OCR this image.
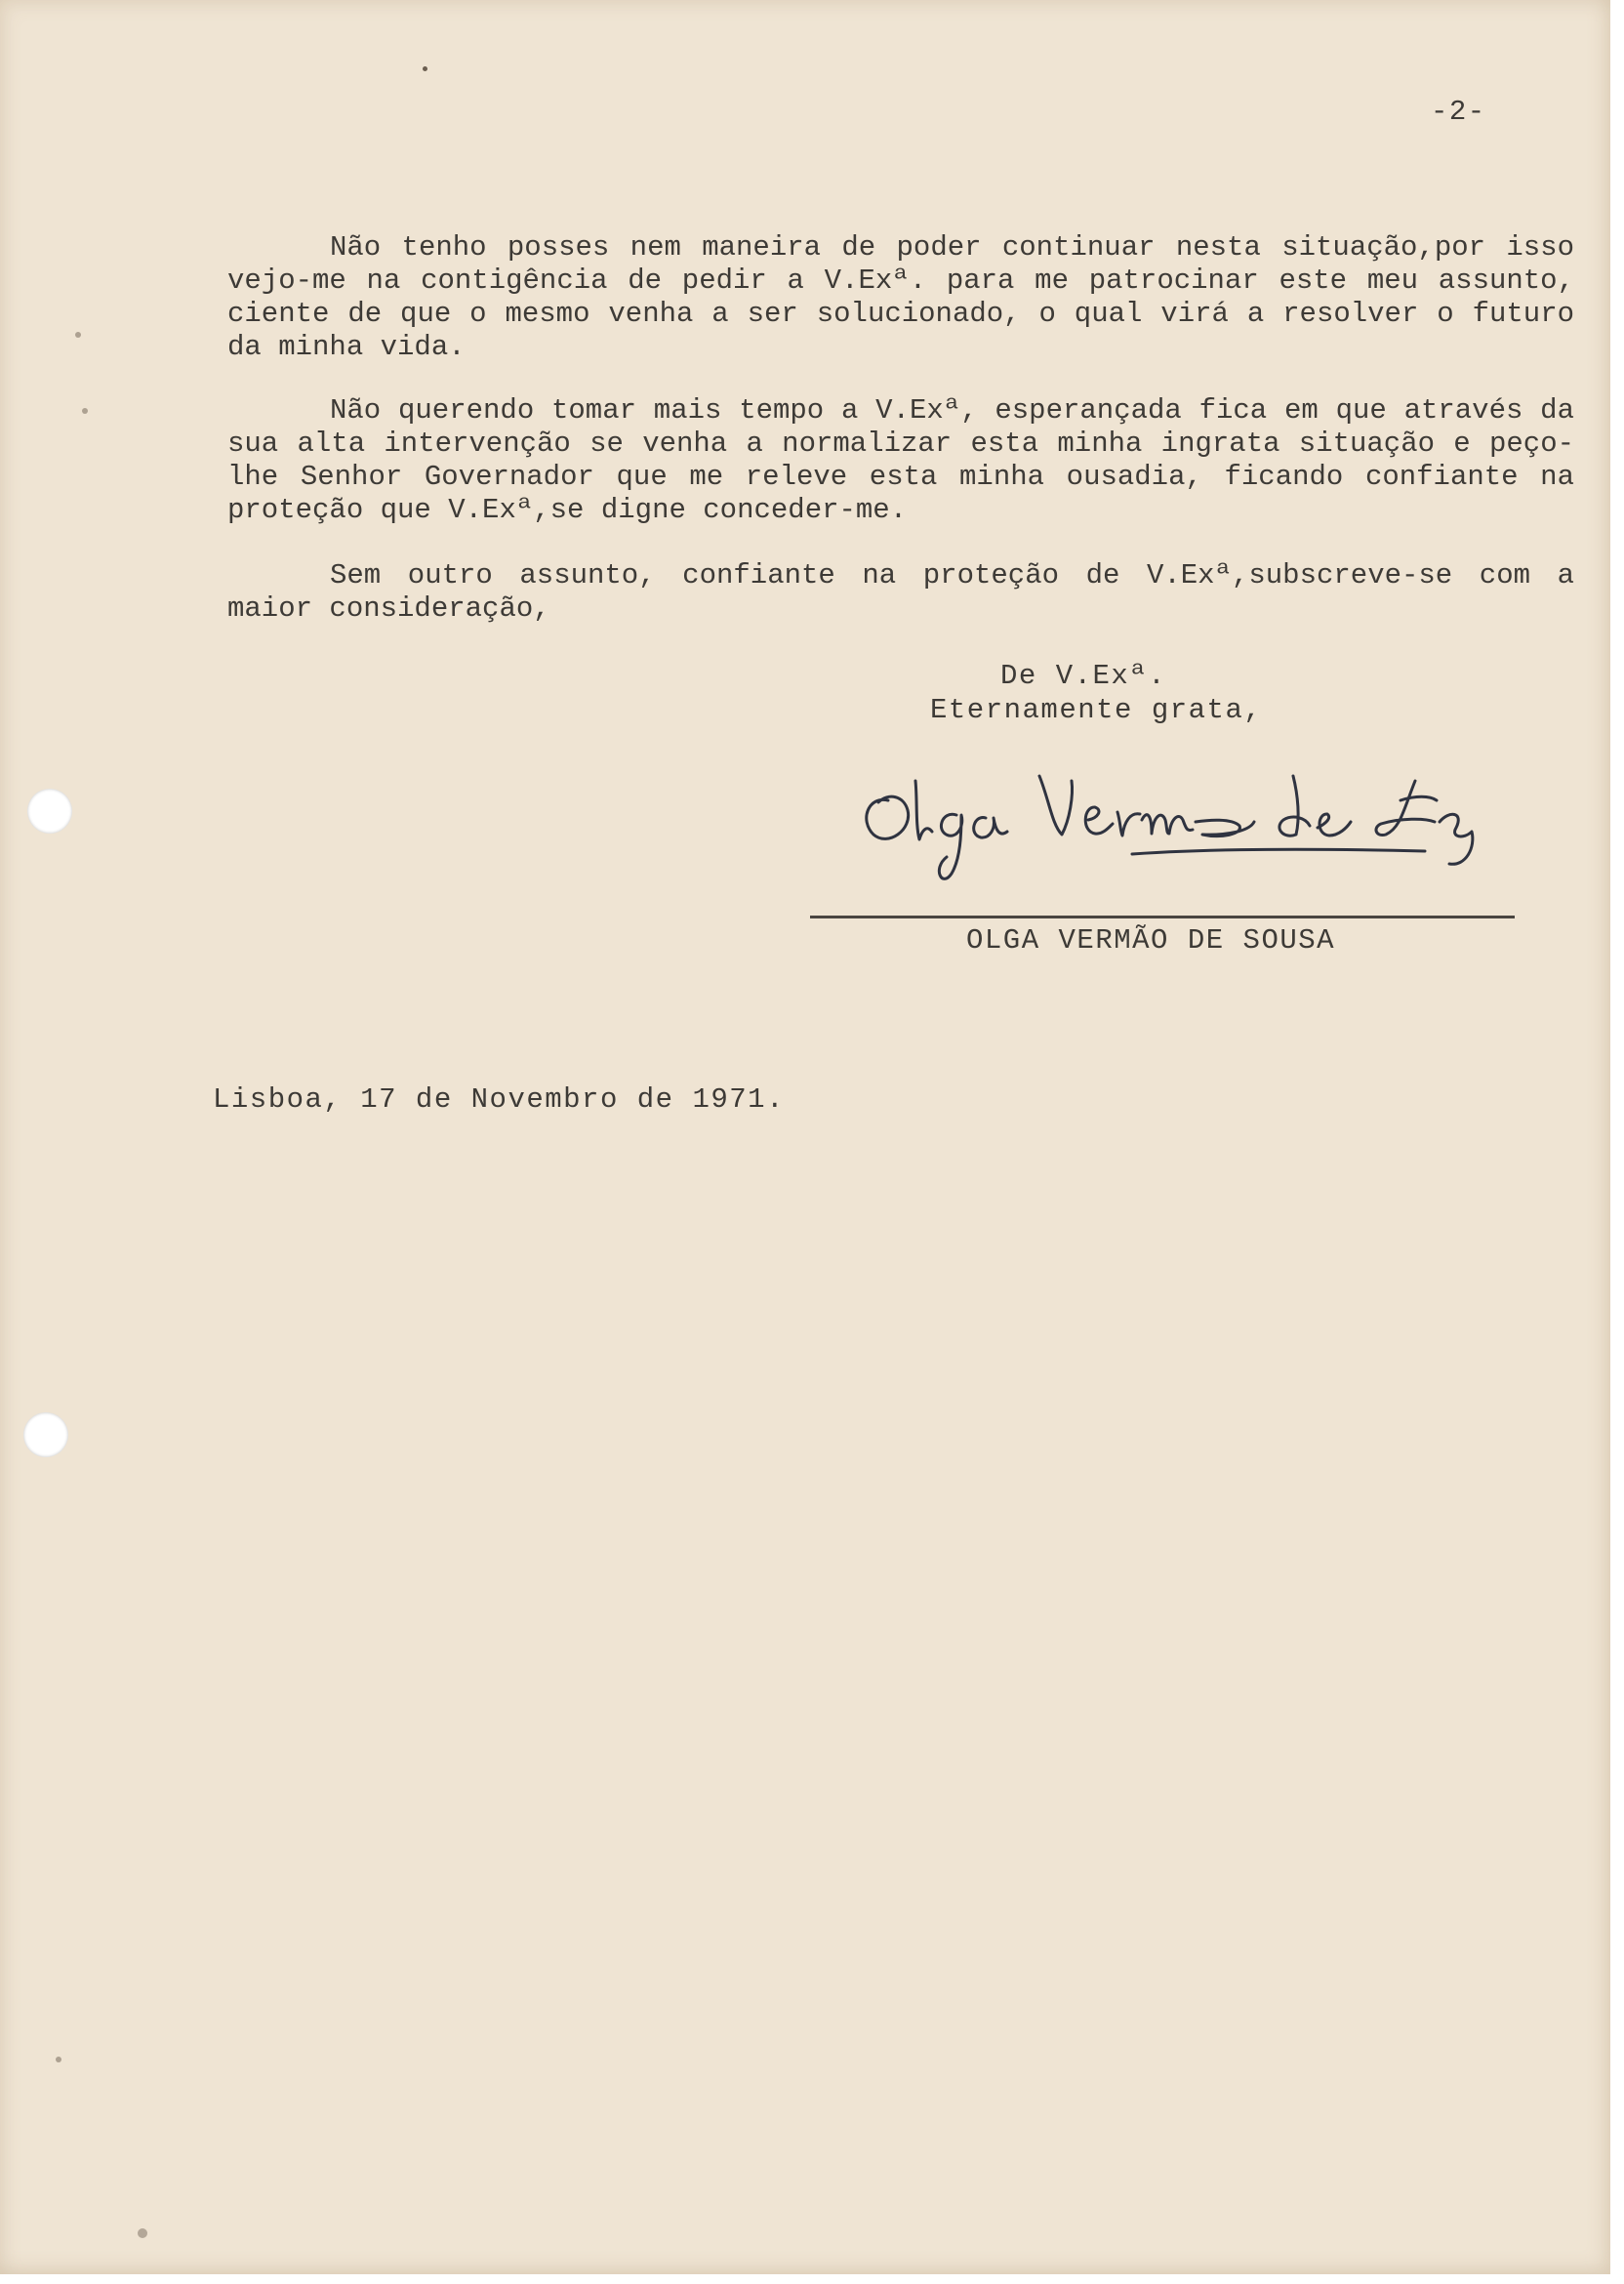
-2-

Não tenho posses nem maneira de poder continuar nesta situação,por isso vejo-me na contigência de pedir a V.Exª. para me patrocinar este meu assunto, ciente de que o mesmo venha a ser solucionado, o qual virá a resolver o futuro da minha vida.

Não querendo tomar mais tempo a V.Exª, esperançada fica em que através da sua alta intervenção se venha a normalizar esta minha ingrata situação e peço-lhe Senhor Governador que me releve esta minha ousadia, ficando confiante na proteção que V.Exª,se digne conceder-me.

Sem outro assunto, confiante na proteção de V.Exª,subscreve-se com a maior consideração,

De V.Exª.

Eternamente grata,

OLGA VERMÃO DE SOUSA

Lisboa, 17 de Novembro de 1971.
